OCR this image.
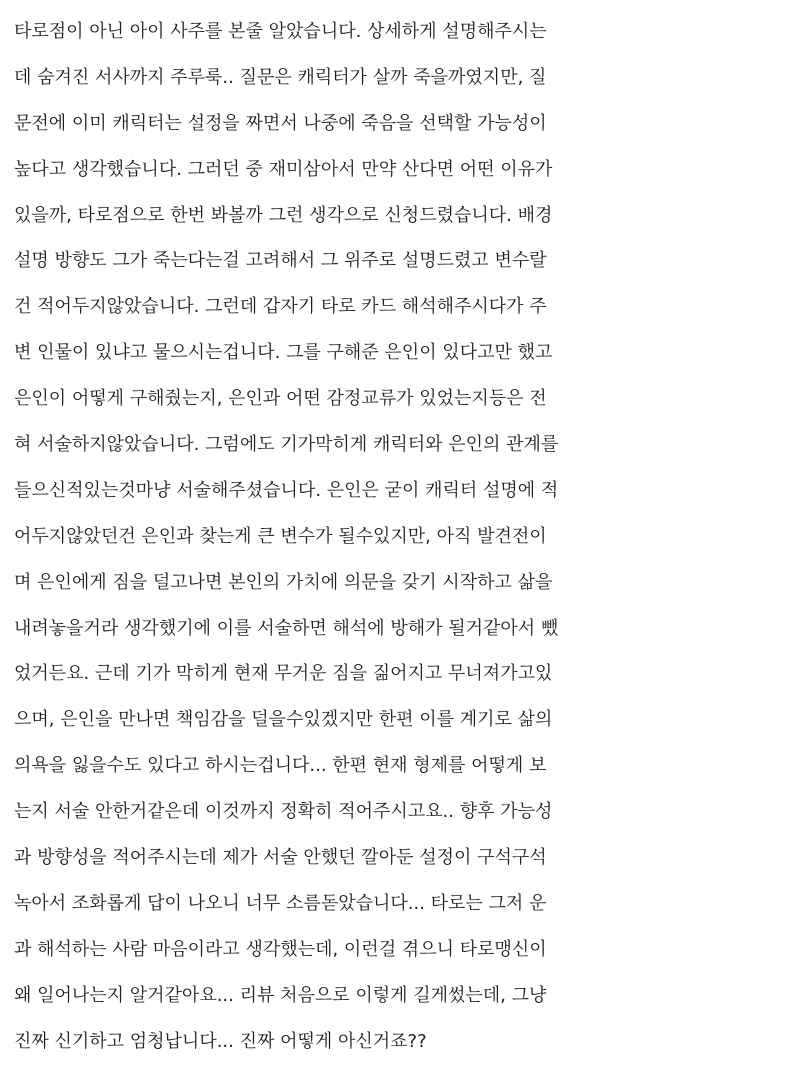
타로점이 아닌 아이 사주를 본줄 알았습니다. 상세하게 설명해주시는
데 숨겨진 서사까지 주루룩.. 질문은 캐릭터가 살까 죽을까였지만, 질
문전에 이미 캐릭터는 설정을 짜면서 나중에 죽음을 선택할 가능성이
높다고 생각했습니다. 그러던 중 재미삼아서 만약 산다면 어떤 이유가
있을까, 타로점으로 한번 봐볼까 그런 생각으로 신청드렸습니다. 배경
설명 방향도 그가 죽는다는걸 고려해서 그 위주로 설명드렸고 변수랄
건 적어두지않았습니다. 그런데 갑자기 타로 카드 해석해주시다가 주
변 인물이 있냐고 물으시는겁니다. 그를 구해준 은인이 있다고만 했고
은인이 어떻게 구해줬는지, 은인과 어떤 감정교류가 있었는지등은 전
혀 서술하지않았습니다. 그럼에도 기가막히게 캐릭터와 은인의 관계를
들으신적있는것마냥 서술해주셨습니다. 은인은 굳이 캐릭터 설명에 적
어두지않았던건 은인과 찾는게 큰 변수가 될수있지만, 아직 발견전이
며 은인에게 짐을 덜고나면 본인의 가치에 의문을 갖기 시작하고 삶을
내려놓을거라 생각했기에 이를 서술하면 해석에 방해가 될거같아서 뺐
었거든요. 근데 기가 막히게 현재 무거운 짐을 짊어지고 무너져가고있
으며, 은인을 만나면 책임감을 덜을수있겠지만 한편 이를 계기로 삶의
의욕을 잃을수도 있다고 하시는겁니다... 한편 현재 형제를 어떻게 보
는지 서술 안한거같은데 이것까지 정확히 적어주시고요.. 향후 가능성
과 방향성을 적어주시는데 제가 서술 안했던 깔아둔 설정이 구석구석
녹아서 조화롭게 답이 나오니 너무 소름돋았습니다... 타로는 그저 운
과 해석하는 사람 마음이라고 생각했는데, 이런걸 겪으니 타로맹신이
왜 일어나는지 알거같아요... 리뷰 처음으로 이렇게 길게썼는데, 그냥
진짜 신기하고 엄청납니다... 진짜 어떻게 아신거죠??
